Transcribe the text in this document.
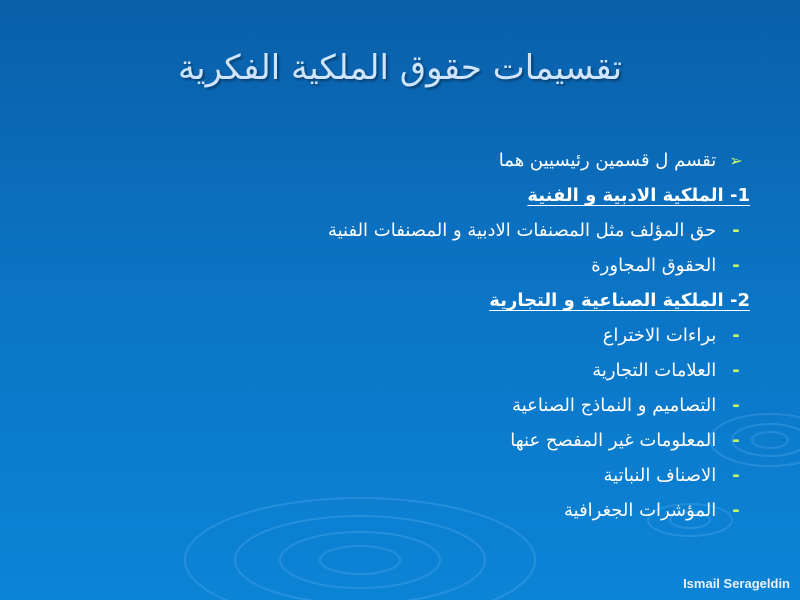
تقسيمات حقوق الملكية الفكرية
➢ تقسم ل قسمين رئيسيين هما
1- الملكية الادبية و الفنية
- حق المؤلف مثل المصنفات الادبية و المصنفات الفنية
- الحقوق المجاورة
2- الملكية الصناعية و التجارية
- براءات الاختراع
- العلامات التجارية
- التصاميم و النماذج الصناعية
- المعلومات غير المفصح عنها
- الاصناف النباتية
- المؤشرات الجغرافية
Ismail Serageldin
